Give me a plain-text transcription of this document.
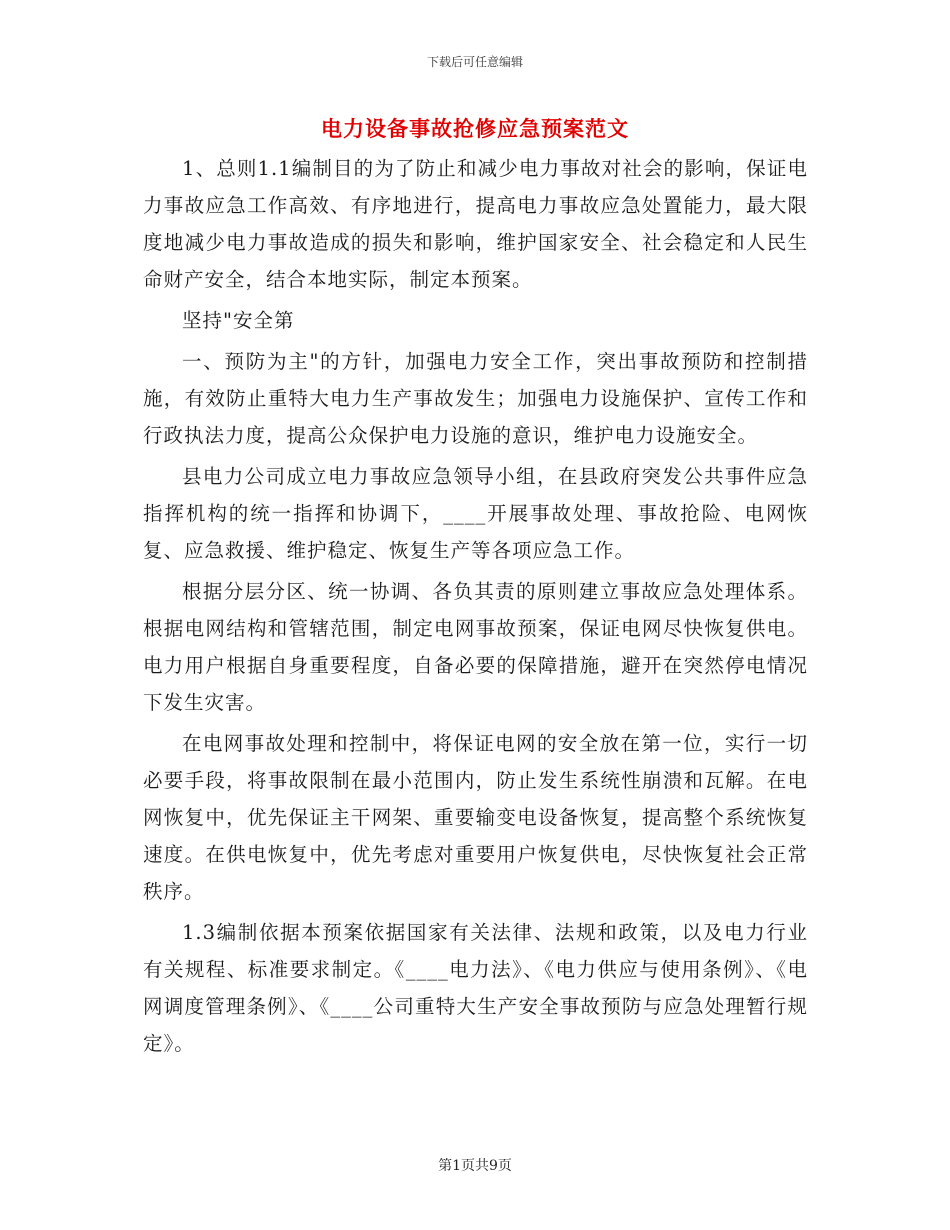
下载后可任意编辑
电力设备事故抢修应急预案范文

1、总则1.1编制目的为了防止和减少电力事故对社会的影响，保证电力事故应急工作高效、有序地进行，提高电力事故应急处置能力，最大限度地减少电力事故造成的损失和影响，维护国家安全、社会稳定和人民生命财产安全，结合本地实际，制定本预案。

坚持"安全第

一、预防为主"的方针，加强电力安全工作，突出事故预防和控制措施，有效防止重特大电力生产事故发生；加强电力设施保护、宣传工作和行政执法力度，提高公众保护电力设施的意识，维护电力设施安全。

县电力公司成立电力事故应急领导小组，在县政府突发公共事件应急指挥机构的统一指挥和协调下，____开展事故处理、事故抢险、电网恢复、应急救援、维护稳定、恢复生产等各项应急工作。

根据分层分区、统一协调、各负其责的原则建立事故应急处理体系。根据电网结构和管辖范围，制定电网事故预案，保证电网尽快恢复供电。电力用户根据自身重要程度，自备必要的保障措施，避开在突然停电情况下发生灾害。

在电网事故处理和控制中，将保证电网的安全放在第一位，实行一切必要手段，将事故限制在最小范围内，防止发生系统性崩溃和瓦解。在电网恢复中，优先保证主干网架、重要输变电设备恢复，提高整个系统恢复速度。在供电恢复中，优先考虑对重要用户恢复供电，尽快恢复社会正常秩序。

1.3编制依据本预案依据国家有关法律、法规和政策，以及电力行业有关规程、标准要求制定。《____电力法》、《电力供应与使用条例》、《电网调度管理条例》、《____公司重特大生产安全事故预防与应急处理暂行规定》。

第1页共9页
